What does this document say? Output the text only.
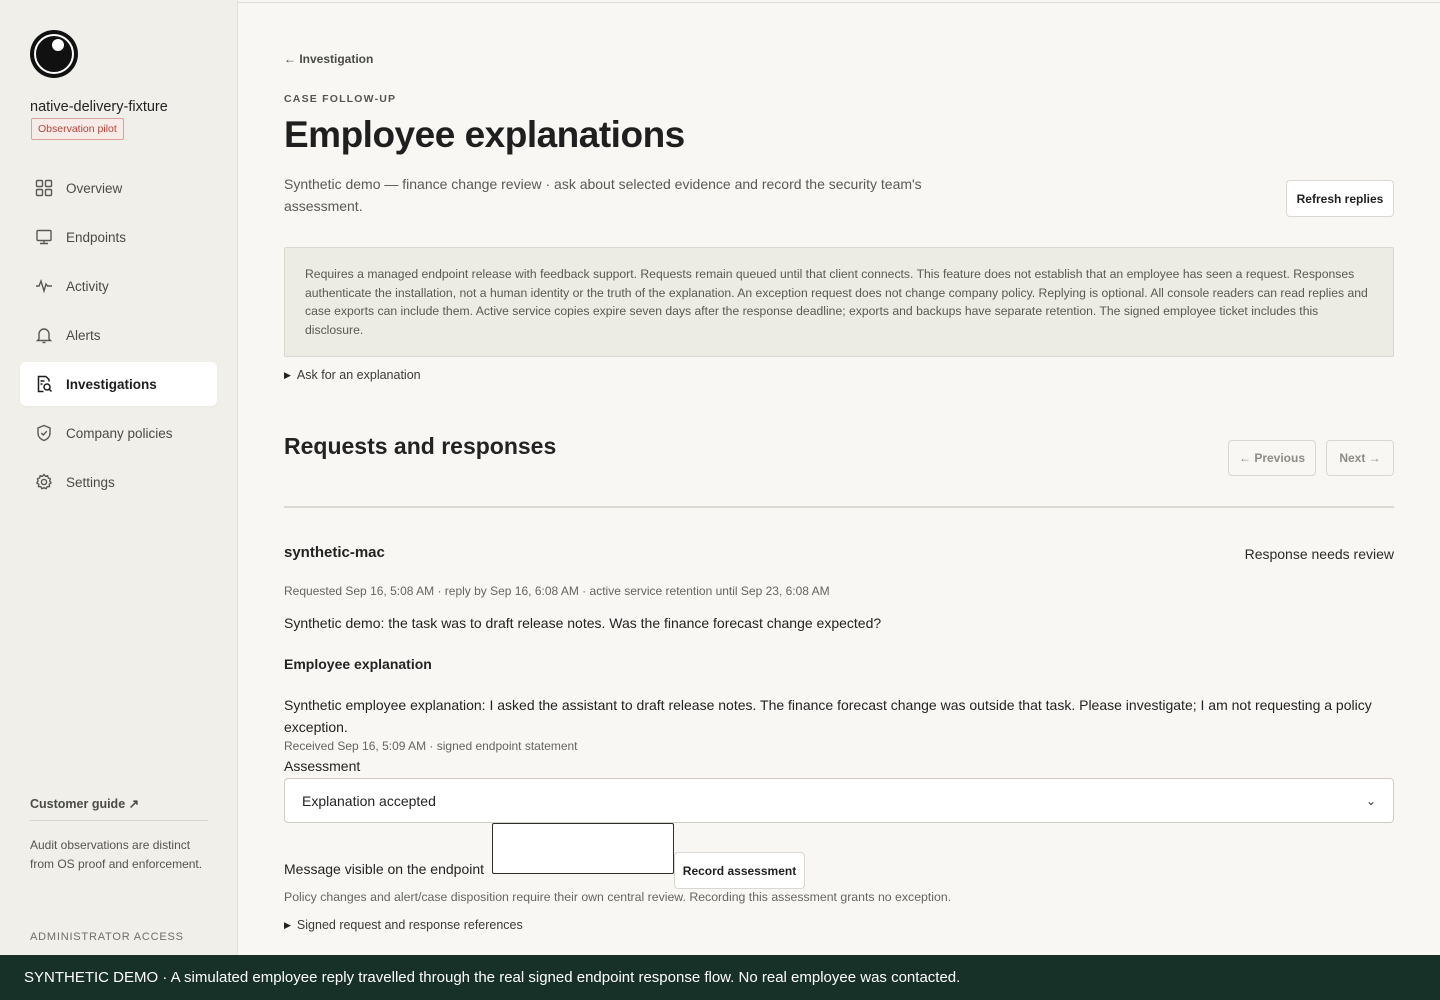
native-delivery-fixtureObservation pilot
Overview
Endpoints
Activity
Alerts
Investigations
Company policies
Settings
Customer guide ↗
Audit observations are distinct from OS proof and enforcement.
ADMINISTRATOR ACCESS
← Investigation
CASE FOLLOW-UP
Employee explanations

Synthetic demo — finance change review · ask about selected evidence and record the security team's assessment.	Refresh replies
Requires a managed endpoint release with feedback support. Requests remain queued until that client connects. This feature does not establish that an employee has seen a request. Responses authenticate the installation, not a human identity or the truth of the explanation. An exception request does not change company policy. Replying is optional. All console readers can read replies and case exports can include them. Active service copies expire seven days after the response deadline; exports and backups have separate retention. The signed employee ticket includes this disclosure.
▶ Ask for an explanation
Requests and responses	← Previous	Next →
synthetic-mac	Response needs review
Requested Sep 16, 5:08 AM · reply by Sep 16, 6:08 AM · active service retention until Sep 23, 6:08 AM
Synthetic demo: the task was to draft release notes. Was the finance forecast change expected?
Employee explanation
Synthetic employee explanation: I asked the assistant to draft release notes. The finance forecast change was outside that task. Please investigate; I am not requesting a policy exception.
Received Sep 16, 5:09 AM · signed endpoint statement
Assessment
Explanation accepted	⌄
Message visible on the endpoint	Record assessment
Policy changes and alert/case disposition require their own central review. Recording this assessment grants no exception.
▶ Signed request and response references
SYNTHETIC DEMO · A simulated employee reply travelled through the real signed endpoint response flow. No real employee was contacted.
